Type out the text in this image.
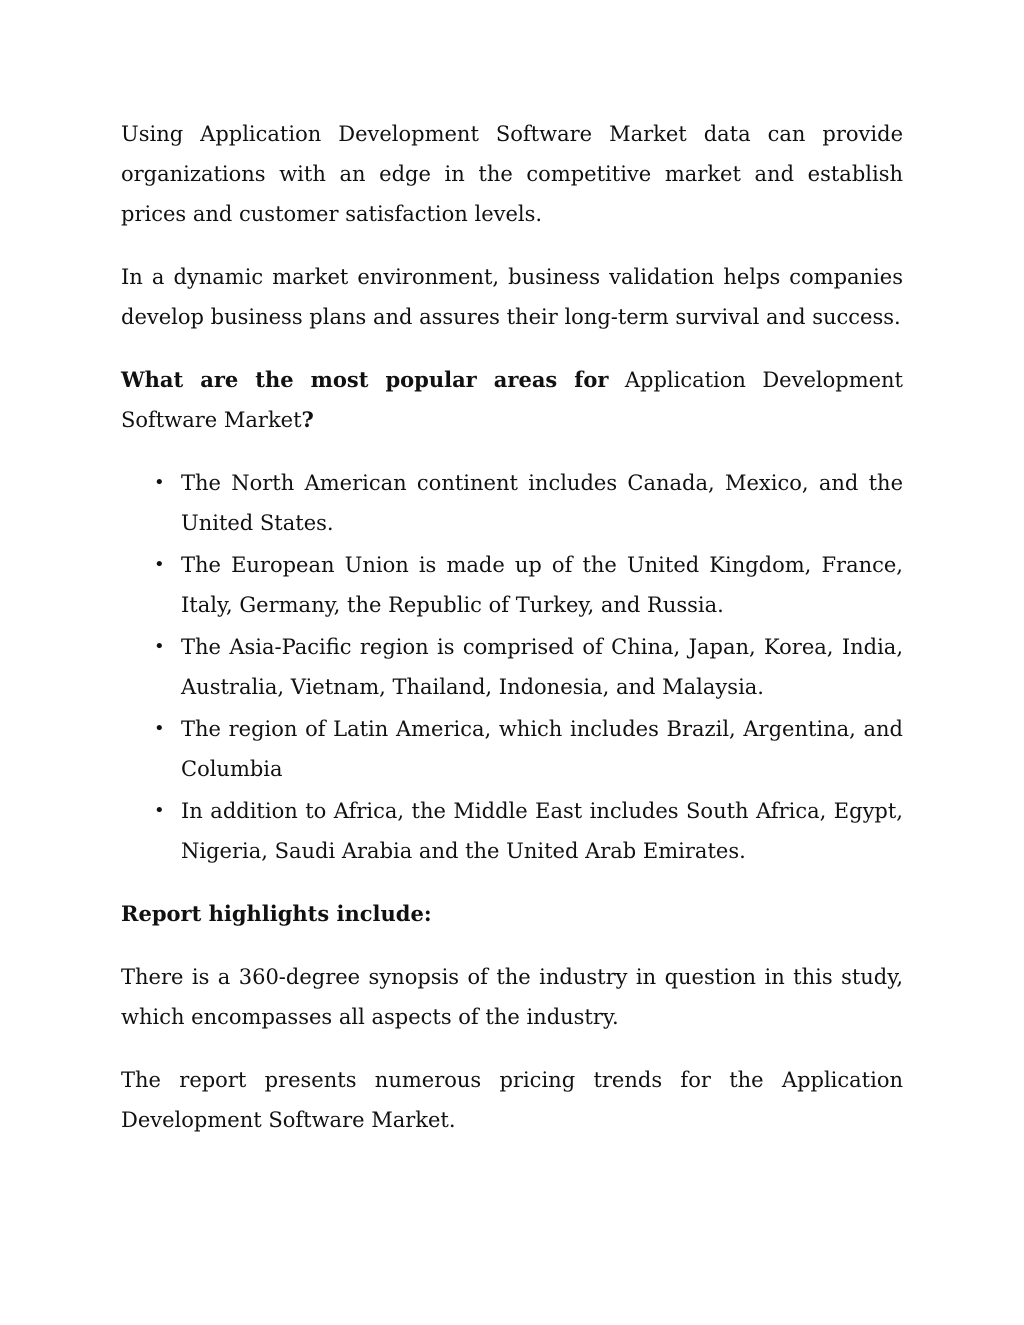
Using Application Development Software Market data can provide organizations with an edge in the competitive market and establish prices and customer satisfaction levels.

In a dynamic market environment, business validation helps companies develop business plans and assures their long-term survival and success.

What are the most popular areas for Application Development Software Market?

• The North American continent includes Canada, Mexico, and the United States.
• The European Union is made up of the United Kingdom, France, Italy, Germany, the Republic of Turkey, and Russia.
• The Asia-Pacific region is comprised of China, Japan, Korea, India, Australia, Vietnam, Thailand, Indonesia, and Malaysia.
• The region of Latin America, which includes Brazil, Argentina, and Columbia
• In addition to Africa, the Middle East includes South Africa, Egypt, Nigeria, Saudi Arabia and the United Arab Emirates.

Report highlights include:

There is a 360-degree synopsis of the industry in question in this study, which encompasses all aspects of the industry.

The report presents numerous pricing trends for the Application Development Software Market.
